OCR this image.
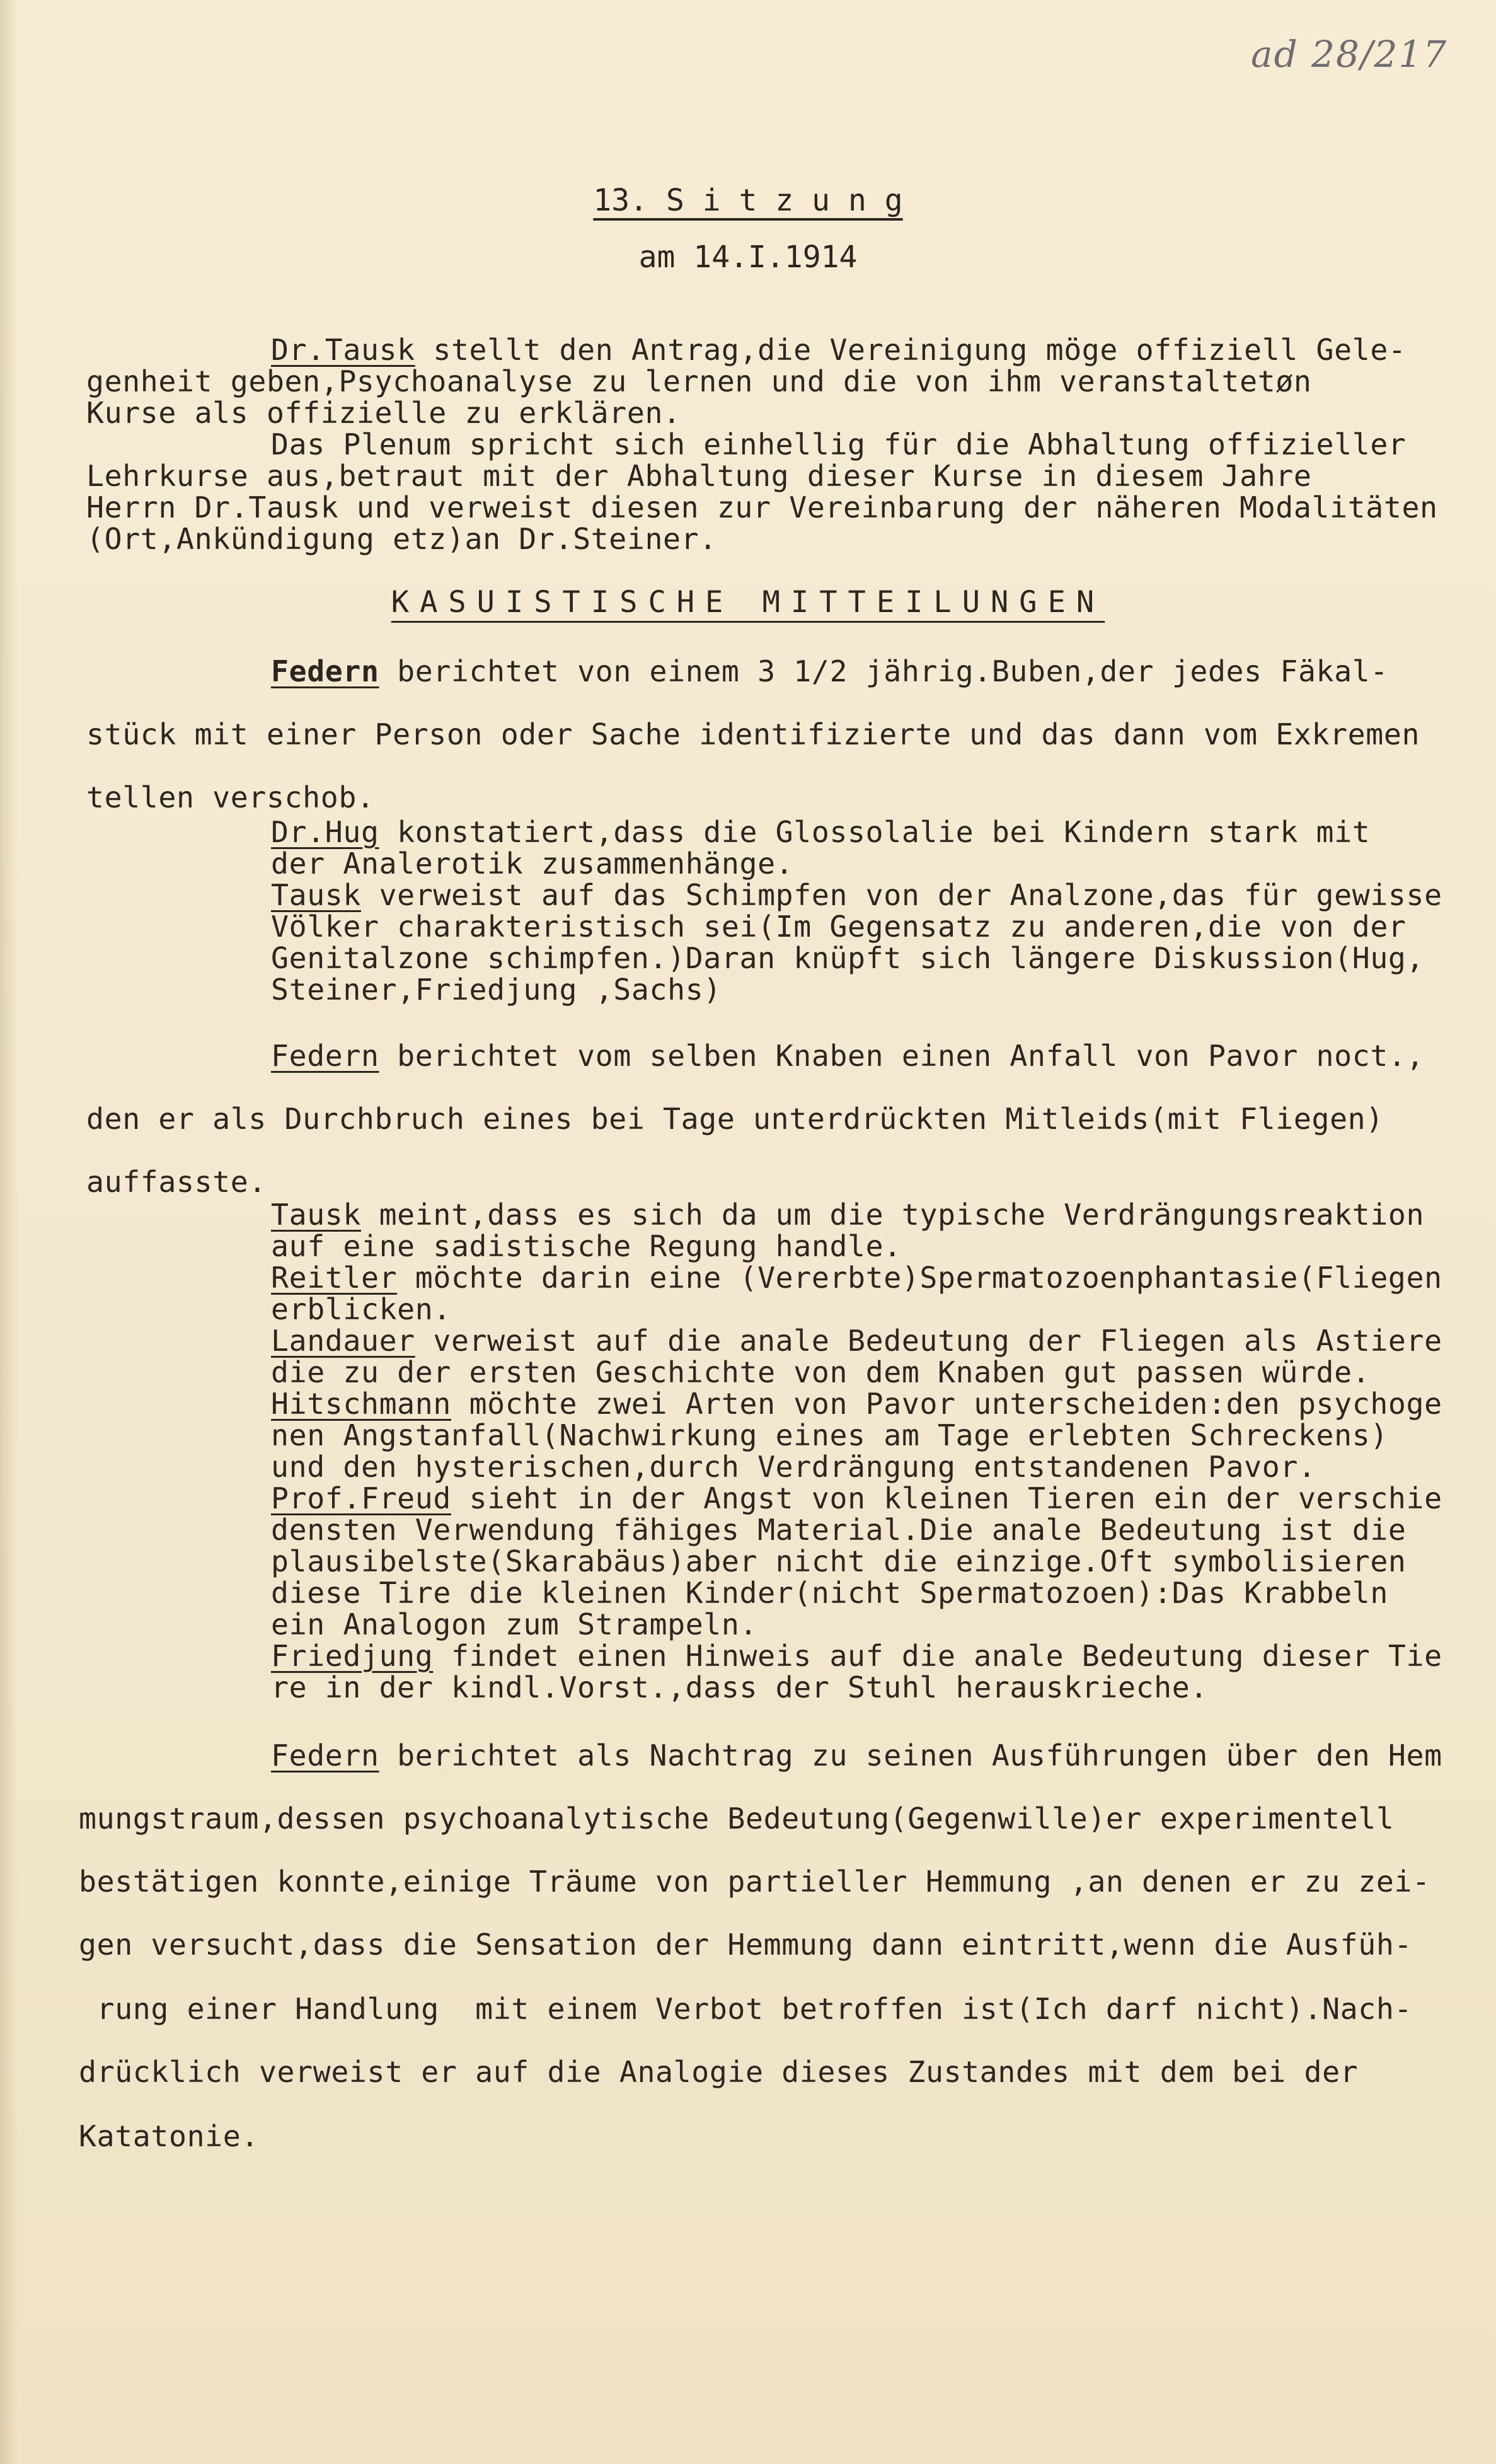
ad 28/217
13. S i t z u n g
am 14.I.1914
Dr.Tausk stellt den Antrag,die Vereinigung möge offiziell Gele-
genheit geben,Psychoanalyse zu lernen und die von ihm veranstaltetøn
Kurse als offizielle zu erklären.
Das Plenum spricht sich einhellig für die Abhaltung offizieller
Lehrkurse aus,betraut mit der Abhaltung dieser Kurse in diesem Jahre
Herrn Dr.Tausk und verweist diesen zur Vereinbarung der näheren Modalitäten
(Ort,Ankündigung etz)an Dr.Steiner.
KASUISTISCHE MITTEILUNGEN
Federn berichtet von einem 3 1/2 jährig.Buben,der jedes Fäkal-
stück mit einer Person oder Sache identifizierte und das dann vom Exkremen
tellen verschob.
Dr.Hug konstatiert,dass die Glossolalie bei Kindern stark mit
der Analerotik zusammenhänge.
Tausk verweist auf das Schimpfen von der Analzone,das für gewisse
Völker charakteristisch sei(Im Gegensatz zu anderen,die von der
Genitalzone schimpfen.)Daran knüpft sich längere Diskussion(Hug,
Steiner,Friedjung ,Sachs)
Federn berichtet vom selben Knaben einen Anfall von Pavor noct.,
den er als Durchbruch eines bei Tage unterdrückten Mitleids(mit Fliegen)
auffasste.
Tausk meint,dass es sich da um die typische Verdrängungsreaktion
auf eine sadistische Regung handle.
Reitler möchte darin eine (Vererbte)Spermatozoenphantasie(Fliegen
erblicken.
Landauer verweist auf die anale Bedeutung der Fliegen als Astiere
die zu der ersten Geschichte von dem Knaben gut passen würde.
Hitschmann möchte zwei Arten von Pavor unterscheiden:den psychoge
nen Angstanfall(Nachwirkung eines am Tage erlebten Schreckens)
und den hysterischen,durch Verdrängung entstandenen Pavor.
Prof.Freud sieht in der Angst von kleinen Tieren ein der verschie
densten Verwendung fähiges Material.Die anale Bedeutung ist die
plausibelste(Skarabäus)aber nicht die einzige.Oft symbolisieren
diese Tire die kleinen Kinder(nicht Spermatozoen):Das Krabbeln
ein Analogon zum Strampeln.
Friedjung findet einen Hinweis auf die anale Bedeutung dieser Tie
re in der kindl.Vorst.,dass der Stuhl herauskrieche.
Federn berichtet als Nachtrag zu seinen Ausführungen über den Hem
mungstraum,dessen psychoanalytische Bedeutung(Gegenwille)er experimentell
bestätigen konnte,einige Träume von partieller Hemmung ,an denen er zu zei-
gen versucht,dass die Sensation der Hemmung dann eintritt,wenn die Ausfüh-
rung einer Handlung  mit einem Verbot betroffen ist(Ich darf nicht).Nach-
drücklich verweist er auf die Analogie dieses Zustandes mit dem bei der
Katatonie.
